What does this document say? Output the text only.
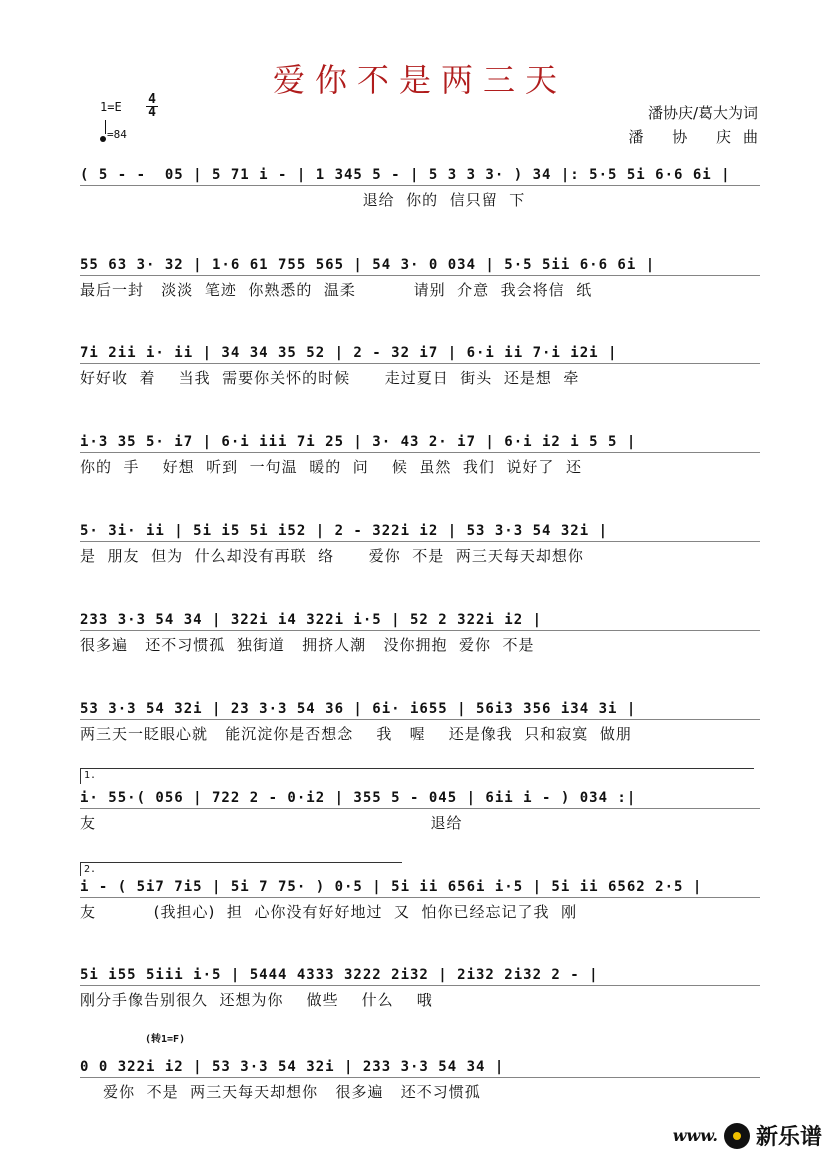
爱你不是两三天
1=E 4
4
=84
潘协庆/葛大为词
潘 协 庆曲
( 5 - -  05 | 5 71 i - | 1 345 5 - | 5 3 3 3· ) 34 |: 5·5 5i 6·6 6i |
退给  你的  信只留  下
55 63 3· 32 | 1·6 61 755 565 | 54 3· 0 034 | 5·5 5ii 6·6 6i |
最后一封   淡淡  笔迹  你熟悉的  温柔          请别  介意  我会将信  纸
7i 2ii i· ii | 34 34 35 52 | 2 - 32 i7 | 6·i ii 7·i i2i |
好好收  着    当我  需要你关怀的时候      走过夏日  街头  还是想  牵
i·3 35 5· i7 | 6·i iii 7i 25 | 3· 43 2· i7 | 6·i i2 i 5 5 |
你的  手    好想  听到  一句温  暖的  问    候  虽然  我们  说好了  还
5· 3i· ii | 5i i5 5i i52 | 2 - 322i i2 | 53 3·3 54 32i |
是  朋友  但为  什么却没有再联  络      爱你  不是  两三天每天却想你
233 3·3 54 34 | 322i i4 322i i·5 | 52 2 322i i2 |
很多遍   还不习惯孤  独街道   拥挤人潮   没你拥抱  爱你  不是
53 3·3 54 32i | 23 3·3 54 36 | 6i· i655 | 56i3 356 i34 3i |
两三天一眨眼心就   能沉淀你是否想念    我   喔    还是像我  只和寂寞  做朋
1.
i· 55·( 056 | 722 2 - 0·i2 | 355 5 - 045 | 6ii i - ) 034 :|
友                                                          退给
2.
i - ( 5i7 7i5 | 5i 7 75· ) 0·5 | 5i ii 656i i·5 | 5i ii 6562 2·5 |
友          (我担心)  担  心你没有好好地过  又  怕你已经忘记了我  刚
5i i55 5iii i·5 | 5444 4333 3222 2i32 | 2i32 2i32 2 - |
刚分手像告别很久  还想为你    做些    什么    哦
(转1=F)
0 0 322i i2 | 53 3·3 54 32i | 233 3·3 54 34 |
爱你  不是  两三天每天却想你   很多遍   还不习惯孤
www. 新乐谱
